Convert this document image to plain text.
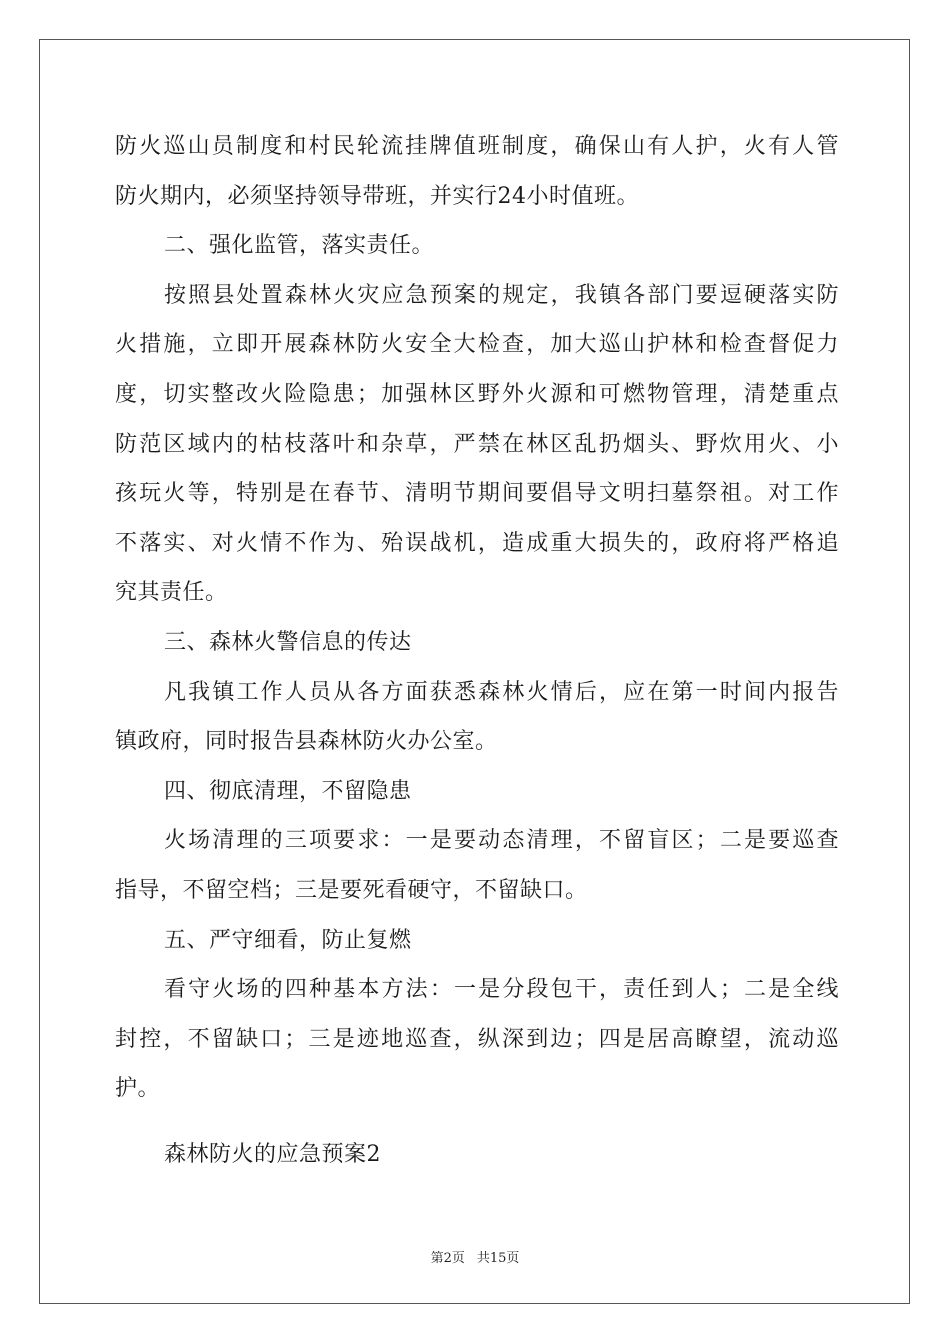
防火巡山员制度和村民轮流挂牌值班制度，确保山有人护，火有人管
防火期内，必须坚持领导带班，并实行24小时值班。
二、强化监管，落实责任。
按照县处置森林火灾应急预案的规定，我镇各部门要逗硬落实防
火措施，立即开展森林防火安全大检查，加大巡山护林和检查督促力
度，切实整改火险隐患；加强林区野外火源和可燃物管理，清楚重点
防范区域内的枯枝落叶和杂草，严禁在林区乱扔烟头、野炊用火、小
孩玩火等，特别是在春节、清明节期间要倡导文明扫墓祭祖。对工作
不落实、对火情不作为、殆误战机，造成重大损失的，政府将严格追
究其责任。
三、森林火警信息的传达
凡我镇工作人员从各方面获悉森林火情后，应在第一时间内报告
镇政府，同时报告县森林防火办公室。
四、彻底清理，不留隐患
火场清理的三项要求：一是要动态清理，不留盲区；二是要巡查
指导，不留空档；三是要死看硬守，不留缺口。
五、严守细看，防止复燃
看守火场的四种基本方法：一是分段包干，责任到人；二是全线
封控，不留缺口；三是迹地巡查，纵深到边；四是居高瞭望，流动巡
护。
森林防火的应急预案2
第2页 共15页
